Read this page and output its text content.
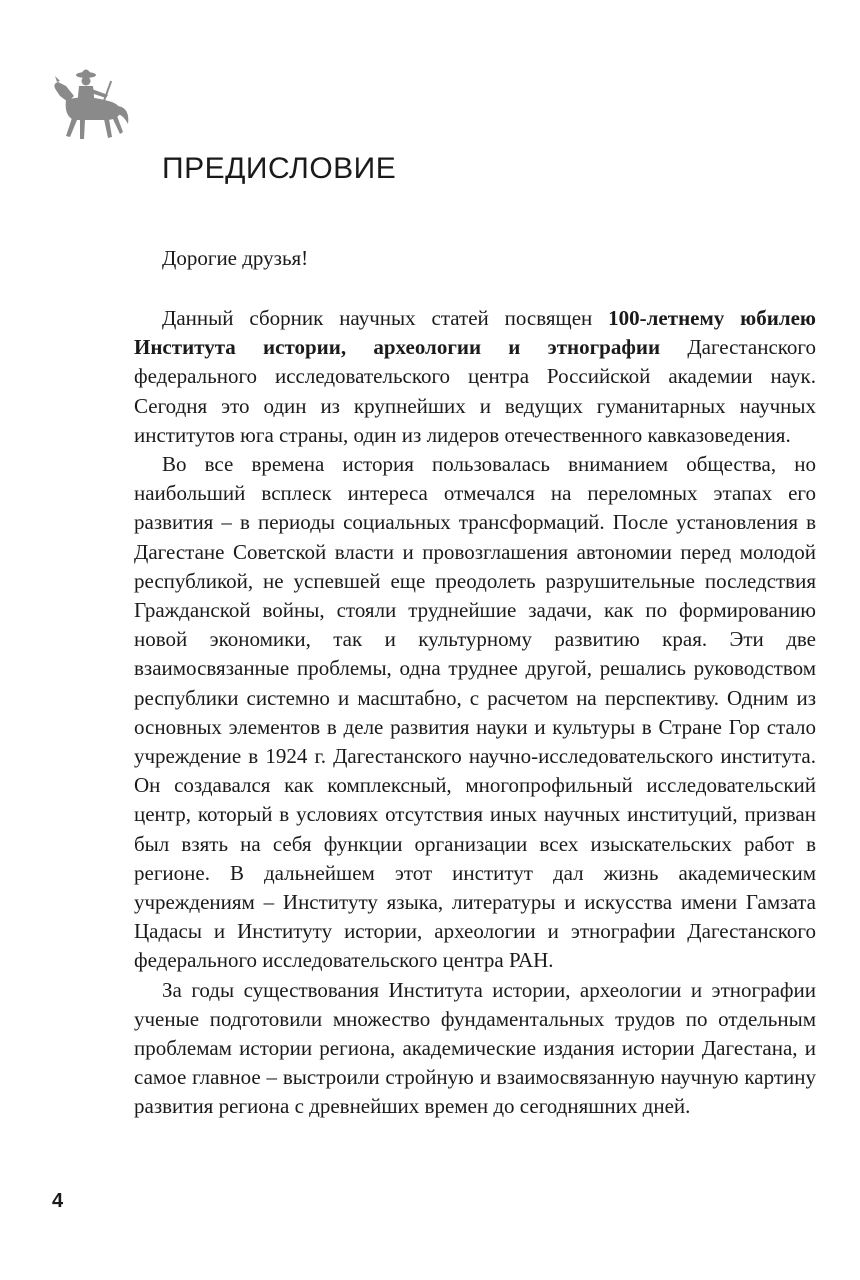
ПРЕДИСЛОВИЕ

Дорогие друзья!

Данный сборник научных статей посвящен 100-летнему юбилею Института истории, археологии и этнографии Дагестанского федерального исследовательского центра Российской академии наук. Сегодня это один из крупнейших и ведущих гуманитарных научных институтов юга страны, один из лидеров отечественного кавказоведения.

Во все времена история пользовалась вниманием общества, но наибольший всплеск интереса отмечался на переломных этапах его развития – в периоды социальных трансформаций. После установления в Дагестане Советской власти и провозглашения автономии перед молодой республикой, не успевшей еще преодолеть разрушительные последствия Гражданской войны, стояли труднейшие задачи, как по формированию новой экономики, так и культурному развитию края. Эти две взаимосвязанные проблемы, одна труднее другой, решались руководством республики системно и масштабно, с расчетом на перспективу. Одним из основных элементов в деле развития науки и культуры в Стране Гор стало учреждение в 1924 г. Дагестанского научно-исследовательского института. Он создавался как комплексный, многопрофильный исследовательский центр, который в условиях отсутствия иных научных институций, призван был взять на себя функции организации всех изыскательских работ в регионе. В дальнейшем этот институт дал жизнь академическим учреждениям – Институту языка, литературы и искусства имени Гамзата Цадасы и Институту истории, археологии и этнографии Дагестанского федерального исследовательского центра РАН.

За годы существования Института истории, археологии и этнографии ученые подготовили множество фундаментальных трудов по отдельным проблемам истории региона, академические издания истории Дагестана, и самое главное – выстроили стройную и взаимосвязанную научную картину развития региона с древнейших времен до сегодняшних дней.

4
